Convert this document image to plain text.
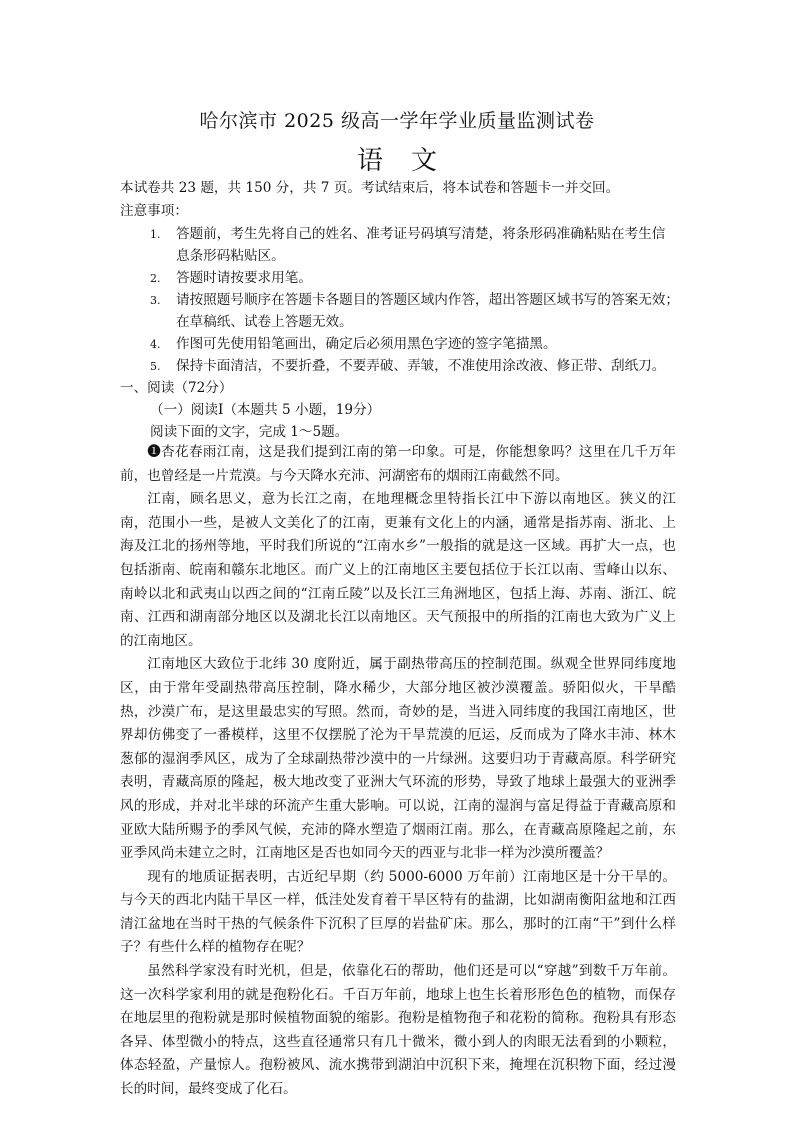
哈尔滨市 2025 级高一学年学业质量监测试卷
语文
本试卷共 23 题，共 150 分，共 7 页。考试结束后，将本试卷和答题卡一并交回。
注意事项：
1. 答题前，考生先将自己的姓名、准考证号码填写清楚，将条形码准确粘贴在考生信
息条形码粘贴区。
2. 答题时请按要求用笔。
3. 请按照题号顺序在答题卡各题目的答题区域内作答，超出答题区域书写的答案无效；
在草稿纸、试卷上答题无效。
4. 作图可先使用铅笔画出，确定后必须用黑色字迹的签字笔描黑。
5. 保持卡面清洁，不要折叠，不要弄破、弄皱，不准使用涂改液、修正带、刮纸刀。
一、阅读（72分）
（一）阅读Ⅰ（本题共 5 小题，19分）
阅读下面的文字，完成 1～5题。

❶杏花春雨江南，这是我们提到江南的第一印象。可是，你能想象吗？这里在几千万年前，也曾经是一片荒漠。与今天降水充沛、河湖密布的烟雨江南截然不同。

江南，顾名思义，意为长江之南，在地理概念里特指长江中下游以南地区。狭义的江南，范围小一些，是被人文美化了的江南，更兼有文化上的内涵，通常是指苏南、浙北、上海及江北的扬州等地，平时我们所说的“江南水乡”一般指的就是这一区域。再扩大一点，也包括浙南、皖南和赣东北地区。而广义上的江南地区主要包括位于长江以南、雪峰山以东、南岭以北和武夷山以西之间的“江南丘陵”以及长江三角洲地区，包括上海、苏南、浙江、皖南、江西和湖南部分地区以及湖北长江以南地区。天气预报中的所指的江南也大致为广义上的江南地区。

江南地区大致位于北纬 30 度附近，属于副热带高压的控制范围。纵观全世界同纬度地区，由于常年受副热带高压控制，降水稀少，大部分地区被沙漠覆盖。骄阳似火，干旱酷热，沙漠广布，是这里最忠实的写照。然而，奇妙的是，当进入同纬度的我国江南地区，世界却仿佛变了一番模样，这里不仅摆脱了沦为干旱荒漠的厄运，反而成为了降水丰沛、林木葱郁的湿润季风区，成为了全球副热带沙漠中的一片绿洲。这要归功于青藏高原。科学研究表明，青藏高原的隆起，极大地改变了亚洲大气环流的形势，导致了地球上最强大的亚洲季风的形成，并对北半球的环流产生重大影响。可以说，江南的湿润与富足得益于青藏高原和亚欧大陆所赐予的季风气候，充沛的降水塑造了烟雨江南。那么，在青藏高原隆起之前，东亚季风尚未建立之时，江南地区是否也如同今天的西亚与北非一样为沙漠所覆盖？

现有的地质证据表明，古近纪早期（约 5000-6000 万年前）江南地区是十分干旱的。与今天的西北内陆干旱区一样，低洼处发育着干旱区特有的盐湖，比如湖南衡阳盆地和江西清江盆地在当时干热的气候条件下沉积了巨厚的岩盐矿床。那么，那时的江南“干”到什么样子？有些什么样的植物存在呢？

虽然科学家没有时光机，但是，依靠化石的帮助，他们还是可以“穿越”到数千万年前。这一次科学家利用的就是孢粉化石。千百万年前，地球上也生长着形形色色的植物，而保存在地层里的孢粉就是那时候植物面貌的缩影。孢粉是植物孢子和花粉的简称。孢粉具有形态各异、体型微小的特点，这些直径通常只有几十微米，微小到人的肉眼无法看到的小颗粒，体态轻盈，产量惊人。孢粉被风、流水携带到湖泊中沉积下来，掩埋在沉积物下面，经过漫长的时间，最终变成了化石。
